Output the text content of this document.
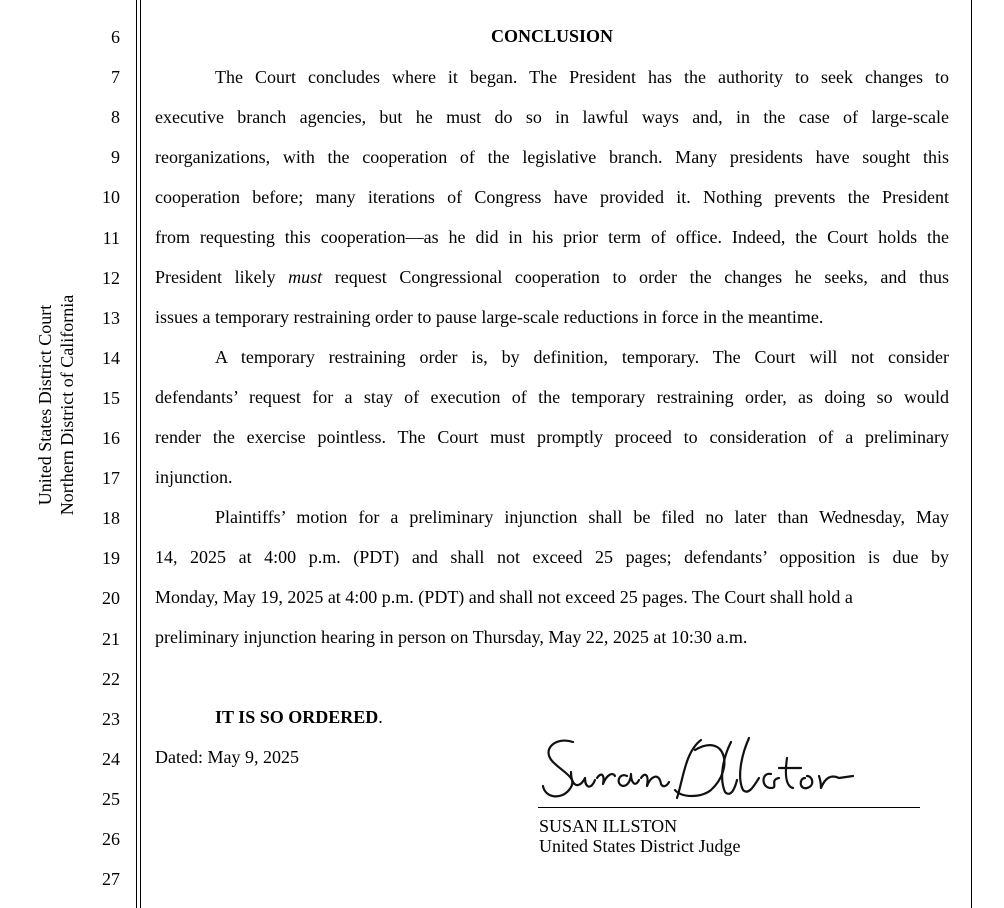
United States District Court Northern District of California
6
7
8
9
10
11
12
13
14
15
16
17
18
19
20
21
22
23
24
25
26
27
CONCLUSION
The Court concludes where it began. The President has the authority to seek changes to
executive branch agencies, but he must do so in lawful ways and, in the case of large-scale
reorganizations, with the cooperation of the legislative branch. Many presidents have sought this
cooperation before; many iterations of Congress have provided it. Nothing prevents the President
from requesting this cooperation—as he did in his prior term of office. Indeed, the Court holds the
President likely must request Congressional cooperation to order the changes he seeks, and thus
issues a temporary restraining order to pause large-scale reductions in force in the meantime.
A temporary restraining order is, by definition, temporary. The Court will not consider
defendants’ request for a stay of execution of the temporary restraining order, as doing so would
render the exercise pointless. The Court must promptly proceed to consideration of a preliminary
injunction.
Plaintiffs’ motion for a preliminary injunction shall be filed no later than Wednesday, May
14, 2025 at 4:00 p.m. (PDT) and shall not exceed 25 pages; defendants’ opposition is due by
Monday, May 19, 2025 at 4:00 p.m. (PDT) and shall not exceed 25 pages. The Court shall hold a
preliminary injunction hearing in person on Thursday, May 22, 2025 at 10:30 a.m.
IT IS SO ORDERED.
Dated: May 9, 2025
SUSAN ILLSTON
United States District Judge
